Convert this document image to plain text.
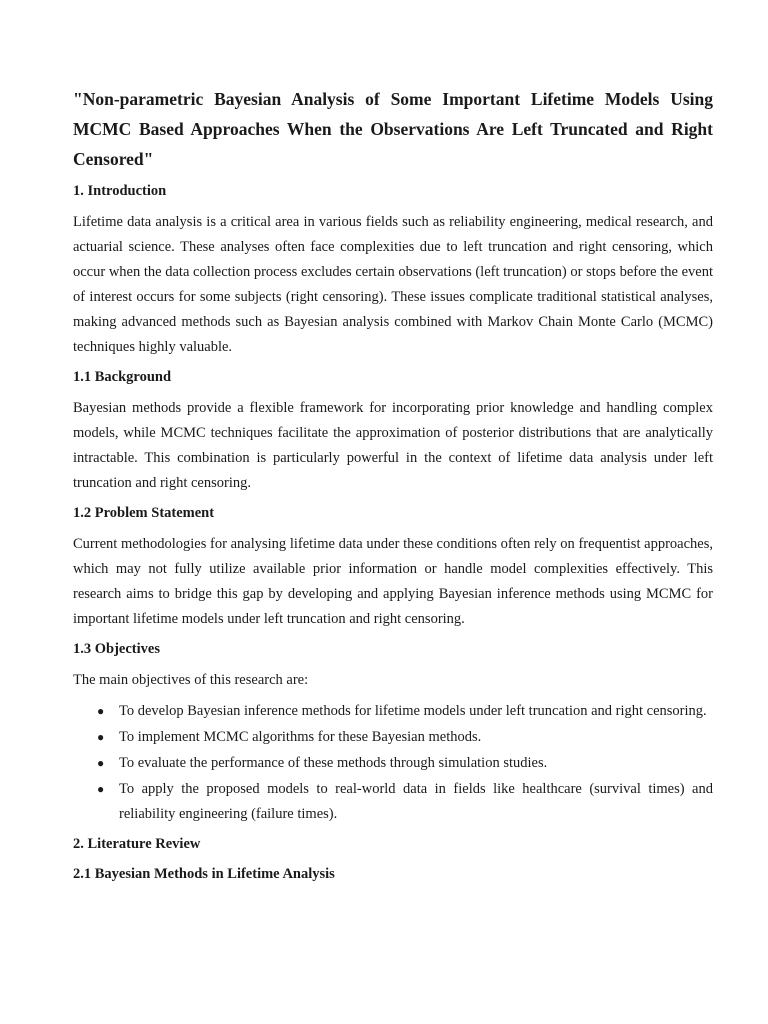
"Non-parametric Bayesian Analysis of Some Important Lifetime Models Using MCMC Based Approaches When the Observations Are Left Truncated and Right Censored"
1. Introduction
Lifetime data analysis is a critical area in various fields such as reliability engineering, medical research, and actuarial science. These analyses often face complexities due to left truncation and right censoring, which occur when the data collection process excludes certain observations (left truncation) or stops before the event of interest occurs for some subjects (right censoring). These issues complicate traditional statistical analyses, making advanced methods such as Bayesian analysis combined with Markov Chain Monte Carlo (MCMC) techniques highly valuable.
1.1 Background
Bayesian methods provide a flexible framework for incorporating prior knowledge and handling complex models, while MCMC techniques facilitate the approximation of posterior distributions that are analytically intractable. This combination is particularly powerful in the context of lifetime data analysis under left truncation and right censoring.
1.2 Problem Statement
Current methodologies for analysing lifetime data under these conditions often rely on frequentist approaches, which may not fully utilize available prior information or handle model complexities effectively. This research aims to bridge this gap by developing and applying Bayesian inference methods using MCMC for important lifetime models under left truncation and right censoring.
1.3 Objectives
The main objectives of this research are:
● To develop Bayesian inference methods for lifetime models under left truncation and right censoring.
● To implement MCMC algorithms for these Bayesian methods.
● To evaluate the performance of these methods through simulation studies.
● To apply the proposed models to real-world data in fields like healthcare (survival times) and reliability engineering (failure times).
2. Literature Review
2.1 Bayesian Methods in Lifetime Analysis
